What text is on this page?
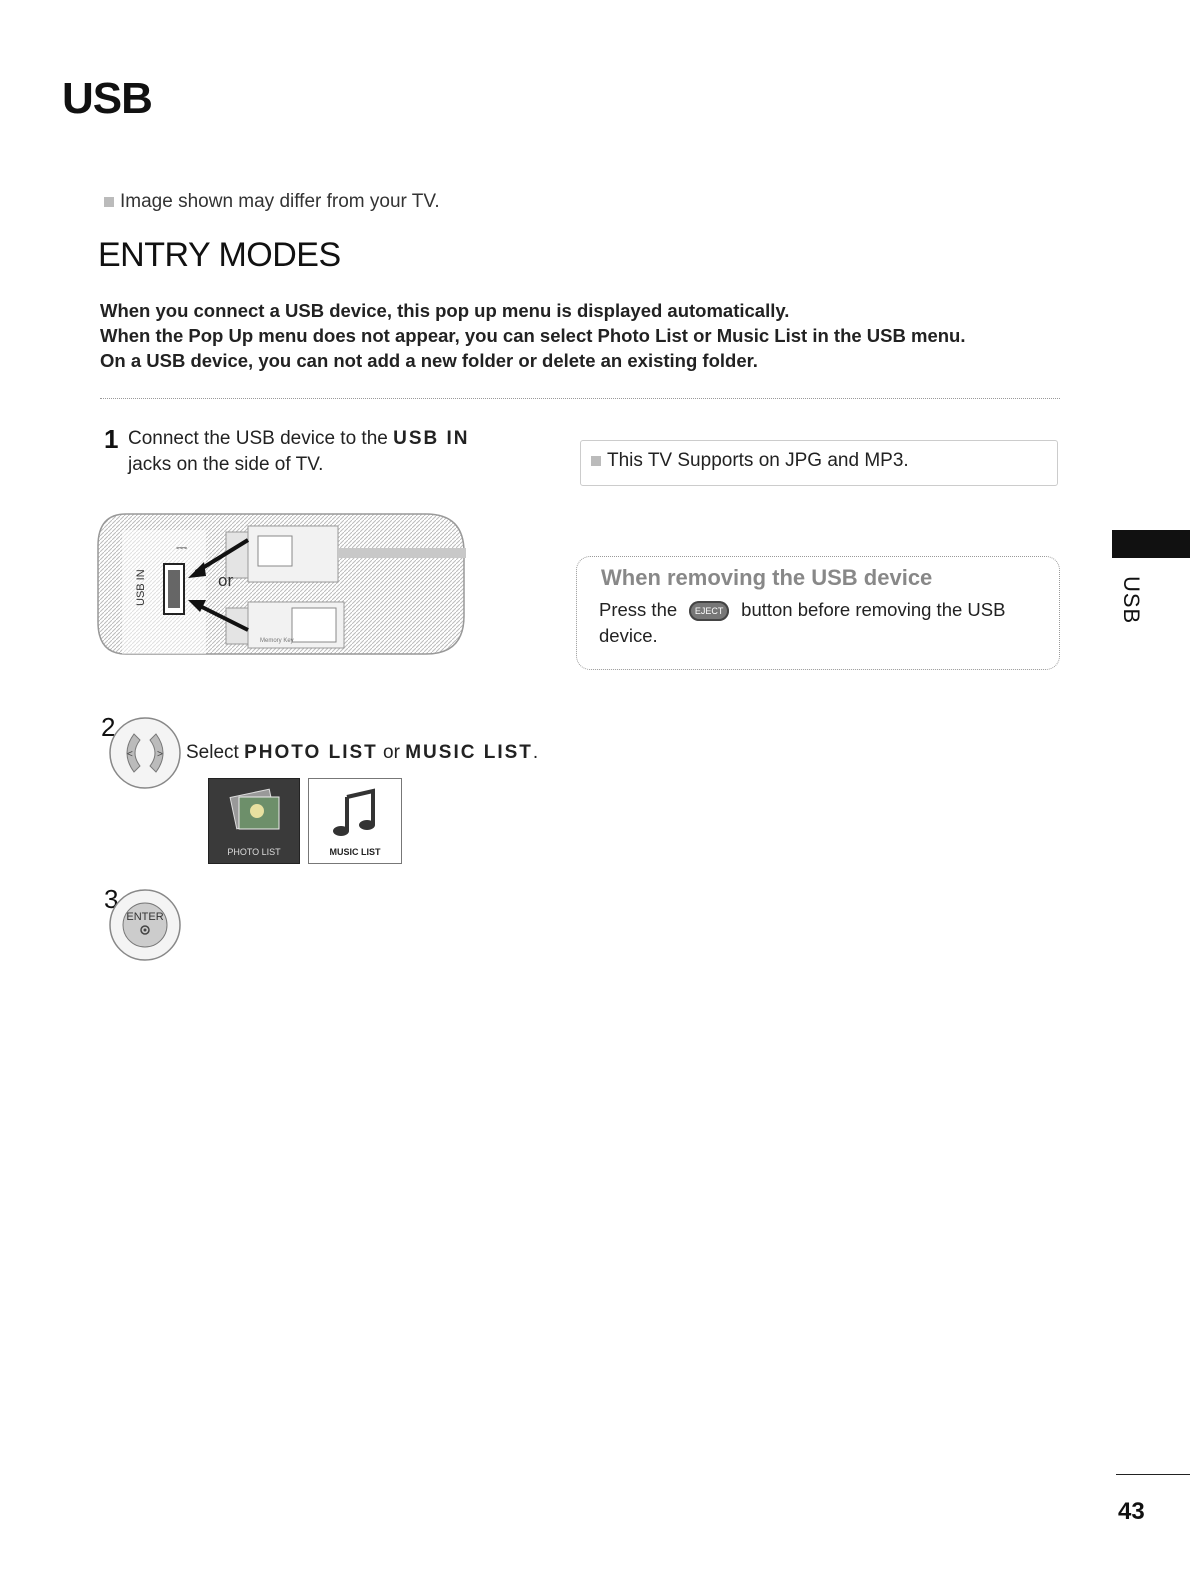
USB
Image shown may differ from your TV.
ENTRY MODES
When you connect a USB device, this pop up menu is displayed automatically.
When the Pop Up menu does not appear, you can select Photo List or Music List in the USB menu.
On a USB device, you can not add a new folder or delete an existing folder.
1 Connect the USB device to the USB IN
jacks on the side of TV.	This TV Supports on JPG and MP3.
USB IN
⎓
Memory Key
or	When removing the USB device
Press the EJECT button before removing the USB device.
2
< > Select PHOTO LIST or MUSIC LIST.
PHOTO LIST	MUSIC LIST
3
ENTER
USB
43
